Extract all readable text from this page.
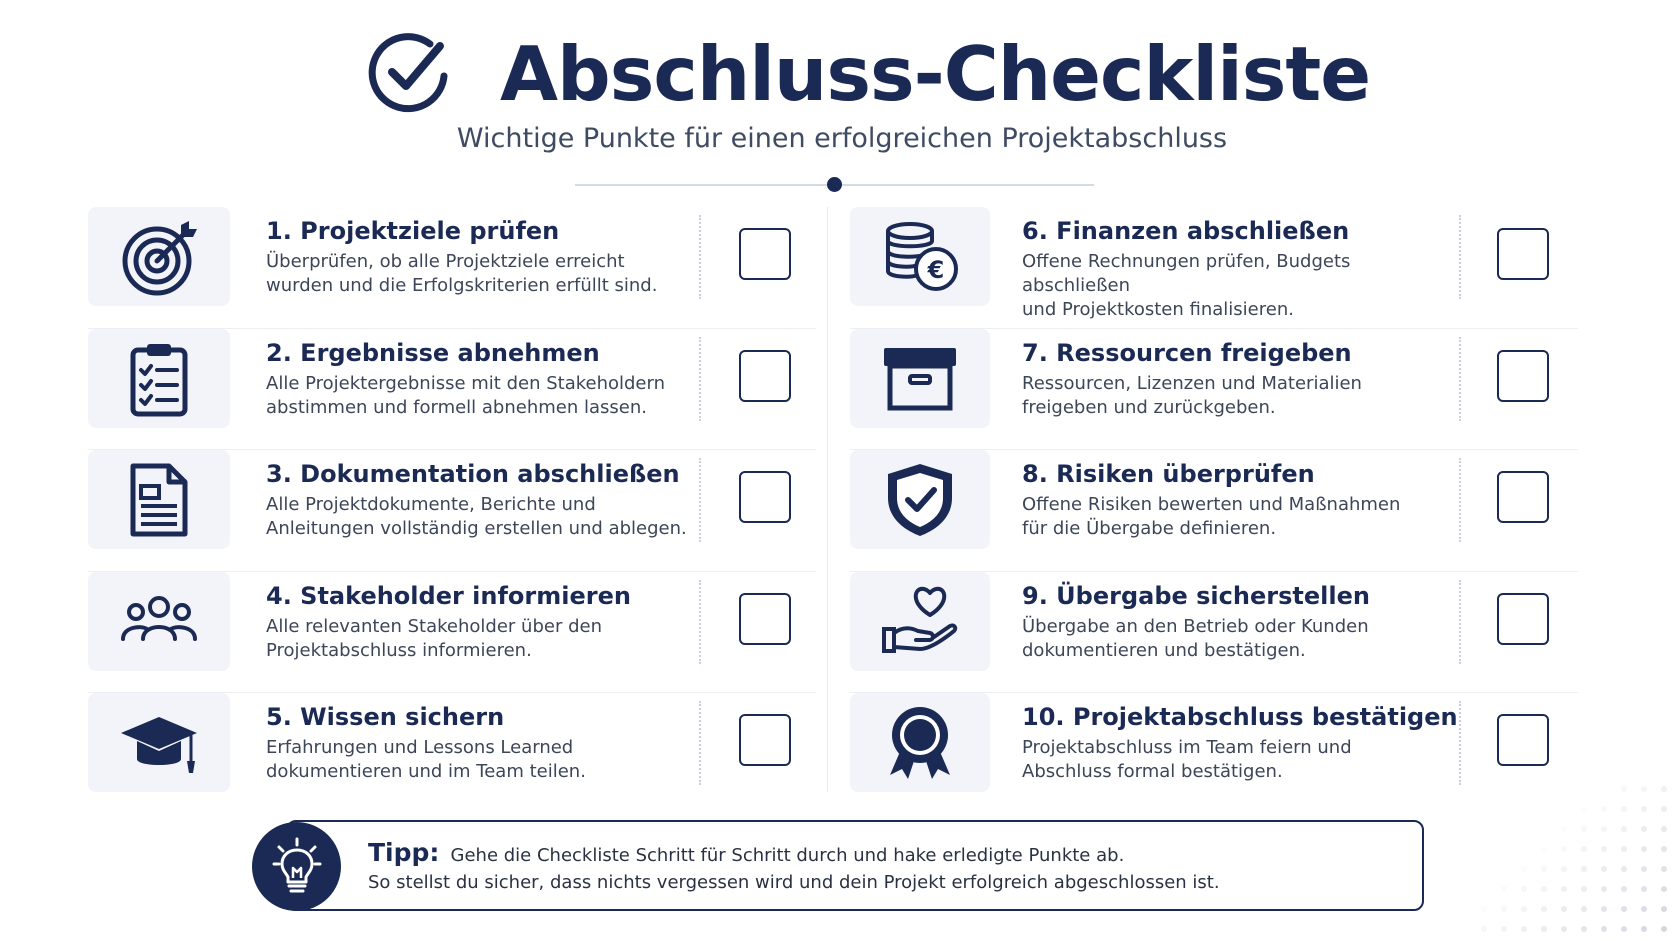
Abschluss-Checkliste
Wichtige Punkte für einen erfolgreichen Projektabschluss
1. Projektziele prüfen
Überprüfen, ob alle Projektziele erreicht
wurden und die Erfolgskriterien erfüllt sind.
2. Ergebnisse abnehmen
Alle Projektergebnisse mit den Stakeholdern
abstimmen und formell abnehmen lassen.
3. Dokumentation abschließen
Alle Projektdokumente, Berichte und
Anleitungen vollständig erstellen und ablegen.
4. Stakeholder informieren
Alle relevanten Stakeholder über den
Projektabschluss informieren.
5. Wissen sichern
Erfahrungen und Lessons Learned
dokumentieren und im Team teilen.
€
6. Finanzen abschließen
Offene Rechnungen prüfen, Budgets abschließen
und Projektkosten finalisieren.
7. Ressourcen freigeben
Ressourcen, Lizenzen und Materialien
freigeben und zurückgeben.
8. Risiken überprüfen
Offene Risiken bewerten und Maßnahmen
für die Übergabe definieren.
9. Übergabe sicherstellen
Übergabe an den Betrieb oder Kunden
dokumentieren und bestätigen.
10. Projektabschluss bestätigen
Projektabschluss im Team feiern und
Abschluss formal bestätigen.
Tipp: Gehe die Checkliste Schritt für Schritt durch und hake erledigte Punkte ab.
So stellst du sicher, dass nichts vergessen wird und dein Projekt erfolgreich abgeschlossen ist.
